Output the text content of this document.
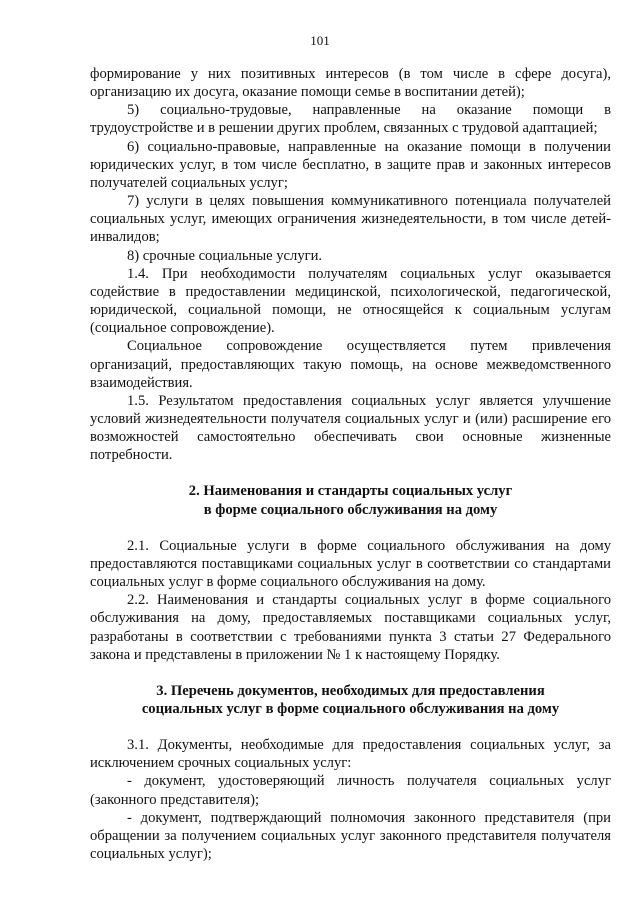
101

формирование у них позитивных интересов (в том числе в сфере досуга), организацию их досуга, оказание помощи семье в воспитании детей);

5) социально-трудовые, направленные на оказание помощи в трудоустройстве и в решении других проблем, связанных с трудовой адаптацией;

6) социально-правовые, направленные на оказание помощи в получении юридических услуг, в том числе бесплатно, в защите прав и законных интересов получателей социальных услуг;

7) услуги в целях повышения коммуникативного потенциала получателей социальных услуг, имеющих ограничения жизнедеятельности, в том числе детей-инвалидов;

8) срочные социальные услуги.

1.4. При необходимости получателям социальных услуг оказывается содействие в предоставлении медицинской, психологической, педагогической, юридической, социальной помощи, не относящейся к социальным услугам (социальное сопровождение).

Социальное сопровождение осуществляется путем привлечения организаций, предоставляющих такую помощь, на основе межведомственного взаимодействия.

1.5. Результатом предоставления социальных услуг является улучшение условий жизнедеятельности получателя социальных услуг и (или) расширение его возможностей самостоятельно обеспечивать свои основные жизненные потребности.

2. Наименования и стандарты социальных услуг

в форме социального обслуживания на дому

2.1. Социальные услуги в форме социального обслуживания на дому предоставляются поставщиками социальных услуг в соответствии со стандартами социальных услуг в форме социального обслуживания на дому.

2.2. Наименования и стандарты социальных услуг в форме социального обслуживания на дому, предоставляемых поставщиками социальных услуг, разработаны в соответствии с требованиями пункта 3 статьи 27 Федерального закона и представлены в приложении № 1 к настоящему Порядку.

3. Перечень документов, необходимых для предоставления

социальных услуг в форме социального обслуживания на дому

3.1. Документы, необходимые для предоставления социальных услуг, за исключением срочных социальных услуг:

- документ, удостоверяющий личность получателя социальных услуг (законного представителя);

- документ, подтверждающий полномочия законного представителя (при обращении за получением социальных услуг законного представителя получателя социальных услуг);
